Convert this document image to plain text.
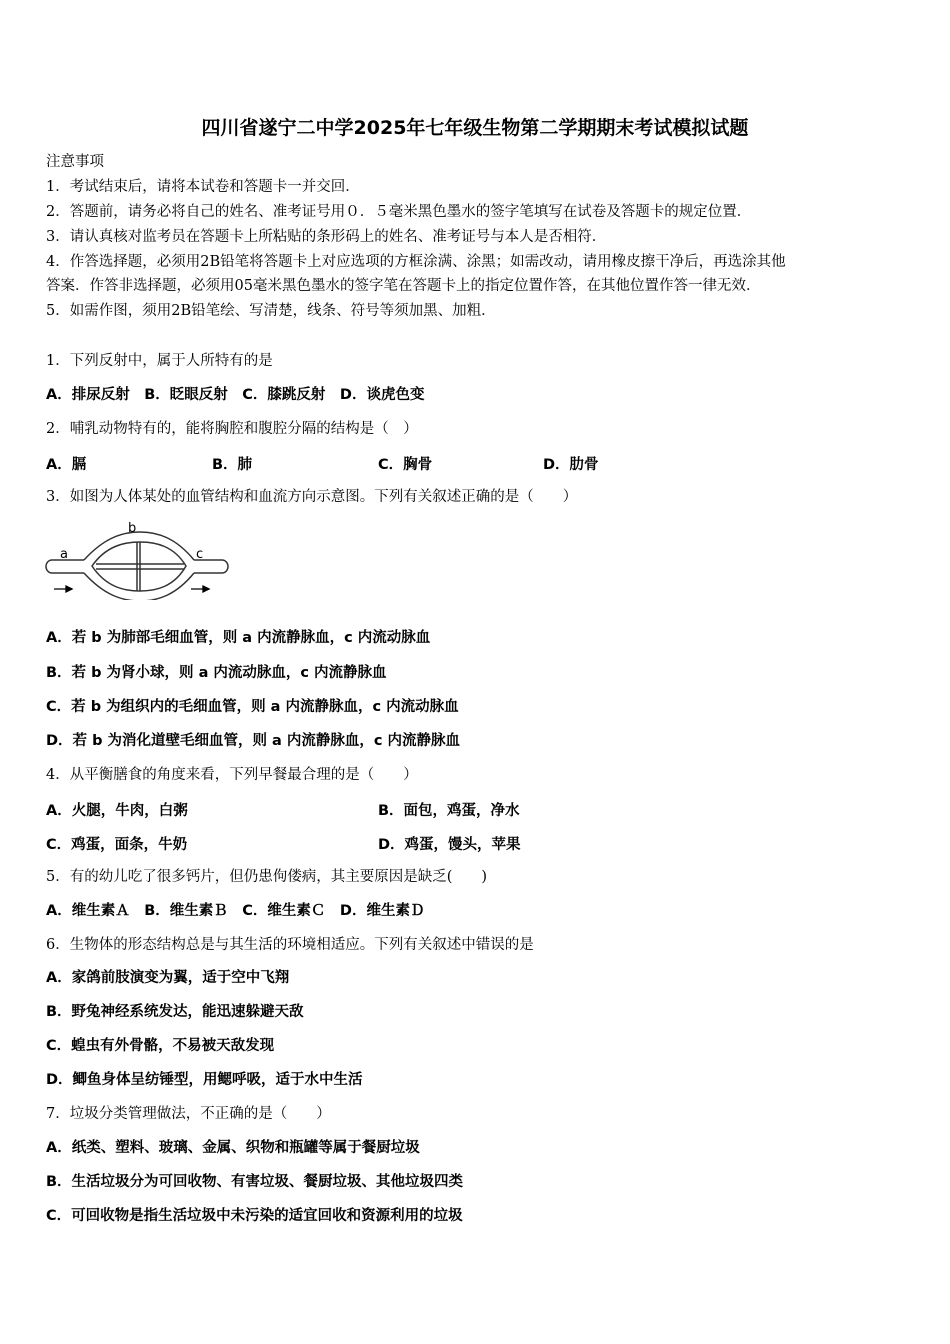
四川省遂宁二中学2025年七年级生物第二学期期末考试模拟试题
注意事项
1．考试结束后，请将本试卷和答题卡一并交回．
2．答题前，请务必将自己的姓名、准考证号用０．５毫米黑色墨水的签字笔填写在试卷及答题卡的规定位置．
3．请认真核对监考员在答题卡上所粘贴的条形码上的姓名、准考证号与本人是否相符．
4．作答选择题，必须用2B铅笔将答题卡上对应选项的方框涂满、涂黑；如需改动，请用橡皮擦干净后，再选涂其他
答案．作答非选择题，必须用05毫米黑色墨水的签字笔在答题卡上的指定位置作答，在其他位置作答一律无效．
5．如需作图，须用2B铅笔绘、写清楚，线条、符号等须加黑、加粗．
1．下列反射中，属于人所特有的是
A．排尿反射　B．眨眼反射　C．膝跳反射　D．谈虎色变
2．哺乳动物特有的，能将胸腔和腹腔分隔的结构是（　）
A．膈	B．肺	C．胸骨	D．肋骨
3．如图为人体某处的血管结构和血流方向示意图。下列有关叙述正确的是（　　）
a
b
c
A．若 b 为肺部毛细血管，则 a 内流静脉血，c 内流动脉血
B．若 b 为肾小球，则 a 内流动脉血，c 内流静脉血
C．若 b 为组织内的毛细血管，则 a 内流静脉血，c 内流动脉血
D．若 b 为消化道壁毛细血管，则 a 内流静脉血，c 内流静脉血
4．从平衡膳食的角度来看，下列早餐最合理的是（　　）
A．火腿，牛肉，白粥	B．面包，鸡蛋，净水
C．鸡蛋，面条，牛奶	D．鸡蛋，馒头，苹果
5．有的幼儿吃了很多钙片，但仍患佝偻病，其主要原因是缺乏(　　)
A．维生素Ａ　B．维生素Ｂ　C．维生素Ｃ　D．维生素Ｄ
6．生物体的形态结构总是与其生活的环境相适应。下列有关叙述中错误的是
A．家鸽前肢演变为翼，适于空中飞翔
B．野兔神经系统发达，能迅速躲避天敌
C．蝗虫有外骨骼，不易被天敌发现
D．鲫鱼身体呈纺锤型，用鳃呼吸，适于水中生活
7．垃圾分类管理做法，不正确的是（　　）
A．纸类、塑料、玻璃、金属、织物和瓶罐等属于餐厨垃圾
B．生活垃圾分为可回收物、有害垃圾、餐厨垃圾、其他垃圾四类
C．可回收物是指生活垃圾中未污染的适宜回收和资源利用的垃圾
